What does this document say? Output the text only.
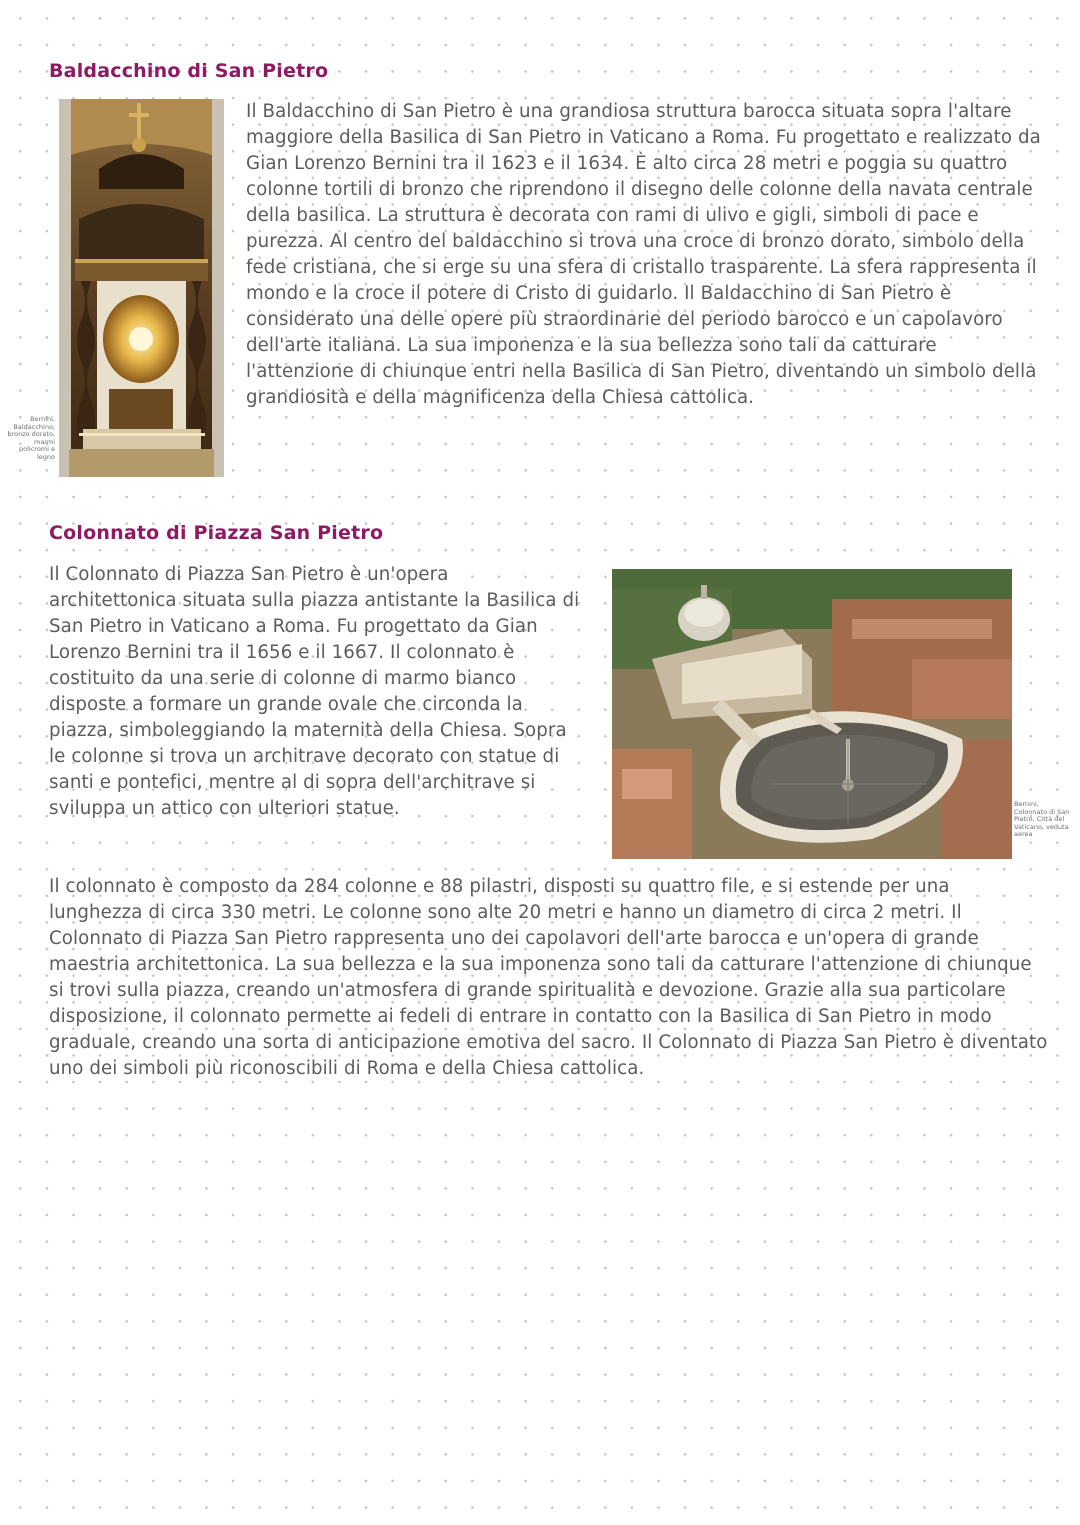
Baldacchino di San Pietro

Bernini, Baldacchino, bronzo dorato, marmi policromi e legno

Il Baldacchino di San Pietro è una grandiosa struttura barocca situata sopra l'altare maggiore della Basilica di San Pietro in Vaticano a Roma. Fu progettato e realizzato da Gian Lorenzo Bernini tra il 1623 e il 1634. È alto circa 28 metri e poggia su quattro colonne tortili di bronzo che riprendono il disegno delle colonne della navata centrale della basilica. La struttura è decorata con rami di ulivo e gigli, simboli di pace e purezza. Al centro del baldacchino si trova una croce di bronzo dorato, simbolo della fede cristiana, che si erge su una sfera di cristallo trasparente. La sfera rappresenta il mondo e la croce il potere di Cristo di guidarlo. Il Baldacchino di San Pietro è considerato una delle opere più straordinarie del periodo barocco e un capolavoro dell'arte italiana. La sua imponenza e la sua bellezza sono tali da catturare l'attenzione di chiunque entri nella Basilica di San Pietro, diventando un simbolo della grandiosità e della magnificenza della Chiesa cattolica.

Colonnato di Piazza San Pietro

Il Colonnato di Piazza San Pietro è un'opera architettonica situata sulla piazza antistante la Basilica di San Pietro in Vaticano a Roma. Fu progettato da Gian Lorenzo Bernini tra il 1656 e il 1667. Il colonnato è costituito da una serie di colonne di marmo bianco disposte a formare un grande ovale che circonda la piazza, simboleggiando la maternità della Chiesa. Sopra le colonne si trova un architrave decorato con statue di santi e pontefici, mentre al di sopra dell'architrave si sviluppa un attico con ulteriori statue.	Bernini, Colonnato di San Pietro, Città del Vaticano, veduta aerea

Il colonnato è composto da 284 colonne e 88 pilastri, disposti su quattro file, e si estende per una lunghezza di circa 330 metri. Le colonne sono alte 20 metri e hanno un diametro di circa 2 metri. Il Colonnato di Piazza San Pietro rappresenta uno dei capolavori dell'arte barocca e un'opera di grande maestria architettonica. La sua bellezza e la sua imponenza sono tali da catturare l'attenzione di chiunque si trovi sulla piazza, creando un'atmosfera di grande spiritualità e devozione. Grazie alla sua particolare disposizione, il colonnato permette ai fedeli di entrare in contatto con la Basilica di San Pietro in modo graduale, creando una sorta di anticipazione emotiva del sacro. Il Colonnato di Piazza San Pietro è diventato uno dei simboli più riconoscibili di Roma e della Chiesa cattolica.
